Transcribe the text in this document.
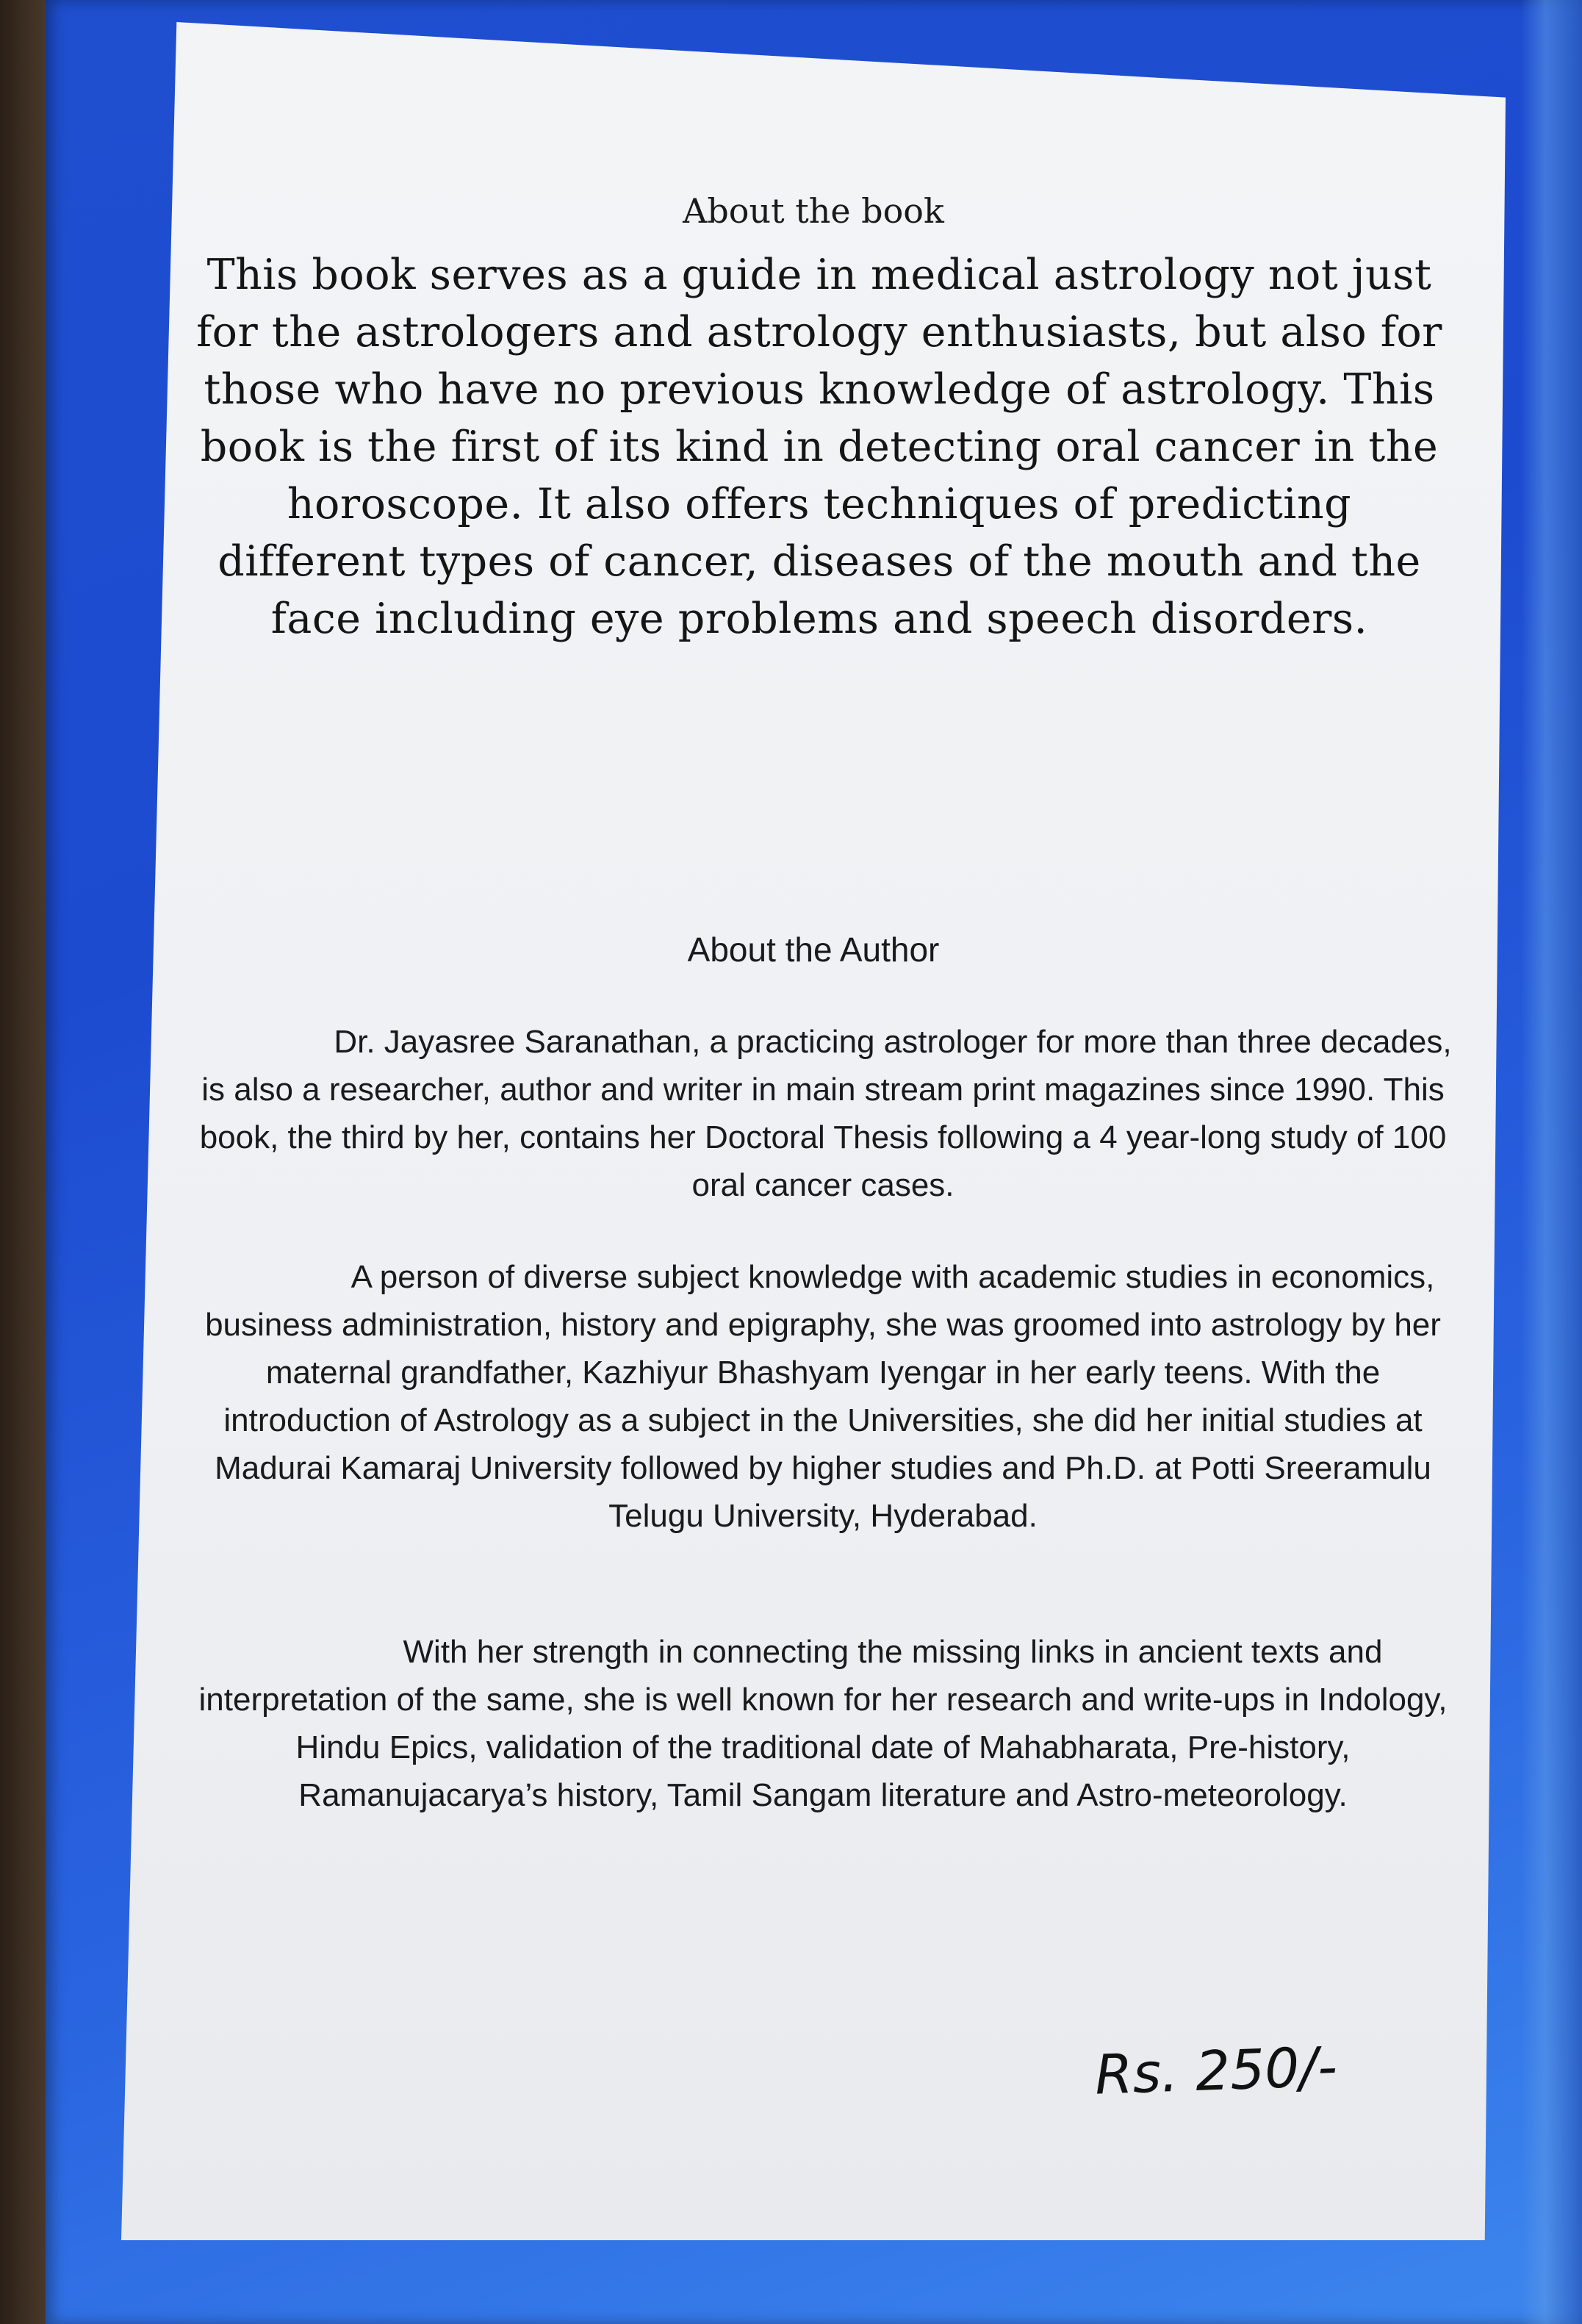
About the book
This book serves as a guide in medical astrology not just for the astrologers and astrology enthusiasts, but also for those who have no previous knowledge of astrology. This book is the first of its kind in detecting oral cancer in the horoscope. It also offers techniques of predicting different types of cancer, diseases of the mouth and the face including eye problems and speech disorders.
About the Author
Dr. Jayasree Saranathan, a practicing astrologer for more than three decades, is also a researcher, author and writer in main stream print magazines since 1990. This book, the third by her, contains her Doctoral Thesis following a 4 year-long study of 100 oral cancer cases.
A person of diverse subject knowledge with academic studies in economics, business administration, history and epigraphy, she was groomed into astrology by her maternal grandfather, Kazhiyur Bhashyam Iyengar in her early teens. With the introduction of Astrology as a subject in the Universities, she did her initial studies at Madurai Kamaraj University followed by higher studies and Ph.D. at Potti Sreeramulu Telugu University, Hyderabad.
With her strength in connecting the missing links in ancient texts and interpretation of the same, she is well known for her research and write-ups in Indology, Hindu Epics, validation of the traditional date of Mahabharata, Pre-history, Ramanujacarya’s history, Tamil Sangam literature and Astro-meteorology.
Rs. 250/-
